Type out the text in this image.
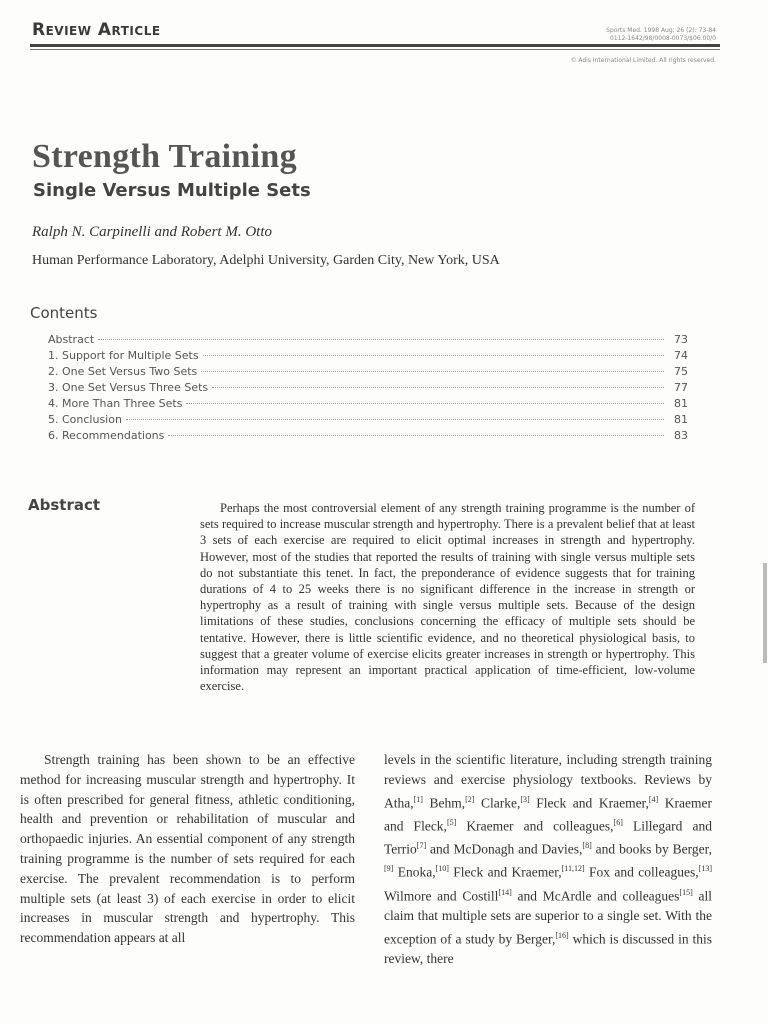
Review Article	Sports Med. 1998 Aug; 26 (2): 73-84
0112-1642/98/0008-0073/$06.00/0
© Adis International Limited. All rights reserved.
Strength Training
Single Versus Multiple Sets
Ralph N. Carpinelli and Robert M. Otto
Human Performance Laboratory, Adelphi University, Garden City, New York, USA
Contents
Abstract	73
1. Support for Multiple Sets	74
2. One Set Versus Two Sets	75
3. One Set Versus Three Sets	77
4. More Than Three Sets	81
5. Conclusion	81
6. Recommendations	83
Abstract	Perhaps the most controversial element of any strength training programme is the number of sets required to increase muscular strength and hypertrophy. There is a prevalent belief that at least 3 sets of each exercise are required to elicit optimal increases in strength and hypertrophy. However, most of the studies that reported the results of training with single versus multiple sets do not substantiate this tenet. In fact, the preponderance of evidence suggests that for training durations of 4 to 25 weeks there is no significant difference in the increase in strength or hypertrophy as a result of training with single versus multiple sets. Because of the design limitations of these studies, conclusions concerning the efficacy of multiple sets should be tentative. However, there is little scientific evidence, and no theoretical physiological basis, to suggest that a greater volume of exercise elicits greater increases in strength or hypertrophy. This information may represent an important practical application of time-efficient, low-volume exercise.
Strength training has been shown to be an effective method for increasing muscular strength and hypertrophy. It is often prescribed for general fitness, athletic conditioning, health and prevention or rehabilitation of muscular and orthopaedic injuries. An essential component of any strength training programme is the number of sets required for each exercise. The prevalent recommendation is to perform multiple sets (at least 3) of each exercise in order to elicit increases in muscular strength and hypertrophy. This recommendation appears at all
levels in the scientific literature, including strength training reviews and exercise physiology textbooks. Reviews by Atha,[1] Behm,[2] Clarke,[3] Fleck and Kraemer,[4] Kraemer and Fleck,[5] Kraemer and colleagues,[6] Lillegard and Terrio[7] and McDonagh and Davies,[8] and books by Berger,[9] Enoka,[10] Fleck and Kraemer,[11,12] Fox and colleagues,[13] Wilmore and Costill[14] and McArdle and colleagues[15] all claim that multiple sets are superior to a single set. With the exception of a study by Berger,[16] which is discussed in this review, there
